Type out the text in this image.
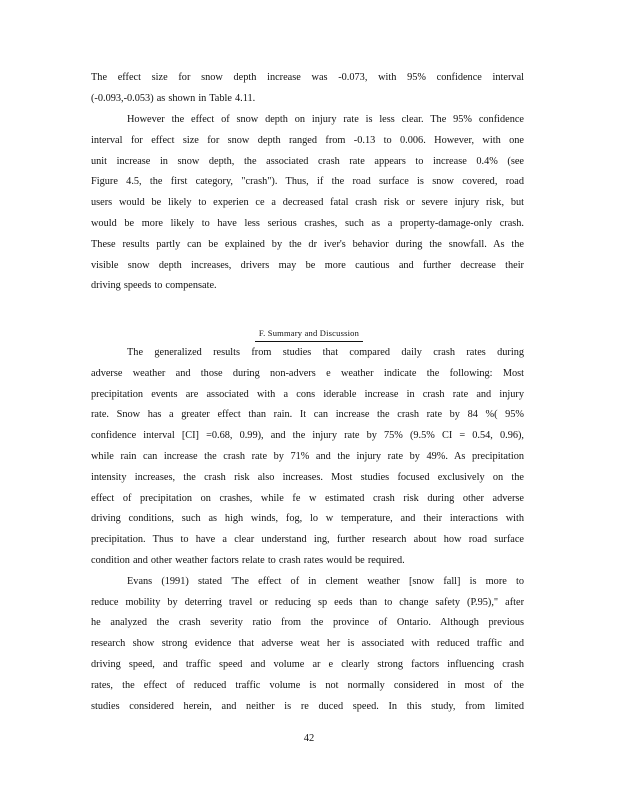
The effect size for snow depth increase was -0.073, with 95% confidence interval
(-0.093,-0.053) as shown in Table 4.11.
However the effect of snow depth on injury rate is less clear. The 95% confidence
interval for effect size for snow depth ranged from -0.13 to 0.006. However, with one
unit increase in snow depth, the associated crash rate appears to increase 0.4% (see
Figure 4.5, the first category, "crash"). Thus, if the road surface is snow covered, road
users would be likely to experien ce a decreased fatal crash risk or severe injury risk, but
would be more likely to have less serious crashes, such as a property-damage-only crash.
These results partly can be explained by the dr iver's behavior during the snowfall. As the
visible snow depth increases, drivers may be more cautious and further decrease their
driving speeds to compensate.
F. Summary and Discussion
The generalized results from studies that compared daily crash rates during
adverse weather and those during non-advers e weather indicate the following: Most
precipitation events are associated with a cons iderable increase in crash rate and injury
rate. Snow has a greater effect than rain. It can increase the crash rate by 84 %( 95%
confidence interval [CI] =0.68, 0.99), and the injury rate by 75% (9.5% CI = 0.54, 0.96),
while rain can increase the crash rate by 71% and the injury rate by 49%. As precipitation
intensity increases, the crash risk also increases. Most studies focused exclusively on the
effect of precipitation on crashes, while fe w estimated crash risk during other adverse
driving conditions, such as high winds, fog, lo w temperature, and their interactions with
precipitation. Thus to have a clear understand ing, further research about how road surface
condition and other weather factors relate to crash rates would be required.
Evans (1991) stated 'The effect of in clement weather [snow fall] is more to
reduce mobility by deterring travel or reducing sp eeds than to change safety (P.95)," after
he analyzed the crash severity ratio from the province of Ontario. Although previous
research show strong evidence that adverse weat her is associated with reduced traffic and
driving speed, and traffic speed and volume ar e clearly strong factors influencing crash
rates, the effect of reduced traffic volume is not normally considered in most of the
studies considered herein, and neither is re duced speed. In this study, from limited
42
